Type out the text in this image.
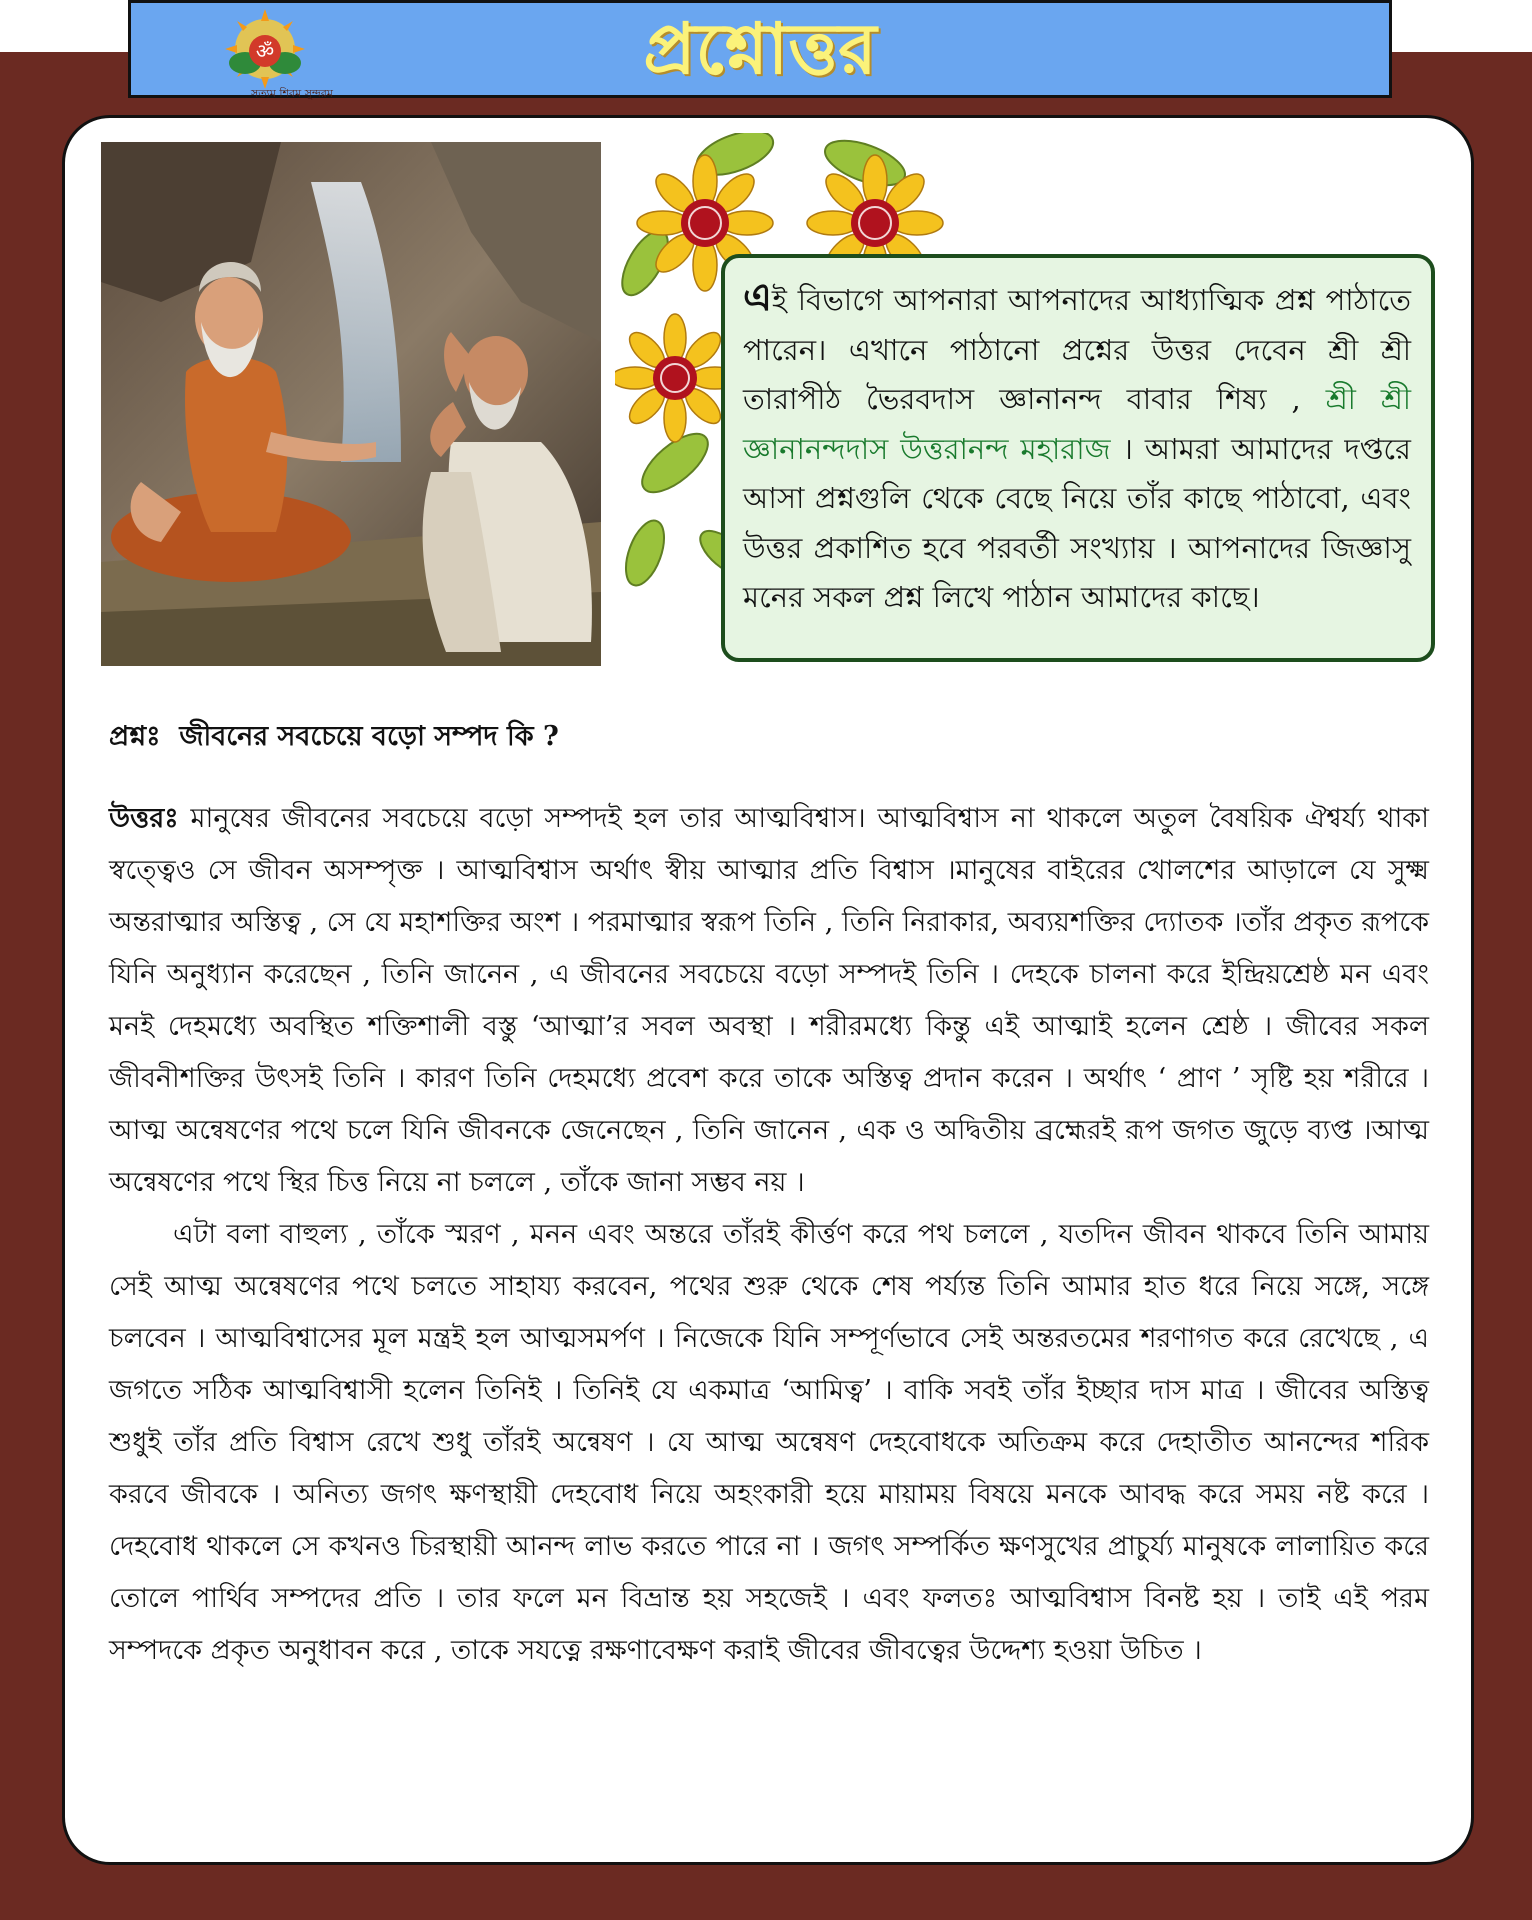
ॐ
সত্যম শিবম সুন্দরম
প্রশ্নোত্তর
এই বিভাগে আপনারা আপনাদের আধ্যাত্মিক প্রশ্ন পাঠাতে পারেন। এখানে পাঠানো প্রশ্নের উত্তর দেবেন শ্রী শ্রী তারাপীঠ ভৈরবদাস জ্ঞানানন্দ বাবার শিষ্য , শ্রী শ্রী জ্ঞানানন্দদাস উত্তরানন্দ মহারাজ । আমরা আমাদের দপ্তরে আসা প্রশ্নগুলি থেকে বেছে নিয়ে তাঁর কাছে পাঠাবো, এবং উত্তর প্রকাশিত হবে পরবর্তী সংখ্যায় । আপনাদের জিজ্ঞাসু মনের সকল প্রশ্ন লিখে পাঠান আমাদের কাছে।
প্রশ্নঃ জীবনের সবচেয়ে বড়ো সম্পদ কি ?

উত্তরঃ মানুষের জীবনের সবচেয়ে বড়ো সম্পদই হল তার আত্মবিশ্বাস। আত্মবিশ্বাস না থাকলে অতুল বৈষয়িক ঐশ্বর্য্য থাকা স্বত্ত্বেও সে জীবন অসম্পৃক্ত । আত্মবিশ্বাস অর্থাৎ স্বীয় আত্মার প্রতি বিশ্বাস ।মানুষের বাইরের খোলশের আড়ালে যে সুক্ষ্ম অন্তরাত্মার অস্তিত্ব , সে যে মহাশক্তির অংশ । পরমাত্মার স্বরূপ তিনি , তিনি নিরাকার, অব্যয়শক্তির দ্যোতক ।তাঁর প্রকৃত রূপকে যিনি অনুধ্যান করেছেন , তিনি জানেন , এ জীবনের সবচেয়ে বড়ো সম্পদই তিনি । দেহকে চালনা করে ইন্দ্রিয়শ্রেষ্ঠ মন এবং মনই দেহমধ্যে অবস্থিত শক্তিশালী বস্তু ‘আত্মা’র সবল অবস্থা । শরীরমধ্যে কিন্তু এই আত্মাই হলেন শ্রেষ্ঠ । জীবের সকল জীবনীশক্তির উৎসই তিনি । কারণ তিনি দেহমধ্যে প্রবেশ করে তাকে অস্তিত্ব প্রদান করেন । অর্থাৎ ‘ প্রাণ ’ সৃষ্টি হয় শরীরে । আত্ম অন্বেষণের পথে চলে যিনি জীবনকে জেনেছেন , তিনি জানেন , এক ও অদ্বিতীয় ব্রহ্মেরই রূপ জগত জুড়ে ব্যপ্ত ।আত্ম অন্বেষণের পথে স্থির চিত্ত নিয়ে না চললে , তাঁকে জানা সম্ভব নয় ।

এটা বলা বাহুল্য , তাঁকে স্মরণ , মনন এবং অন্তরে তাঁরই কীর্ত্তণ করে পথ চললে , যতদিন জীবন থাকবে তিনি আমায় সেই আত্ম অন্বেষণের পথে চলতে সাহায্য করবেন, পথের শুরু থেকে শেষ পর্য্যন্ত তিনি আমার হাত ধরে নিয়ে সঙ্গে, সঙ্গে চলবেন । আত্মবিশ্বাসের মূল মন্ত্রই হল আত্মসমর্পণ । নিজেকে যিনি সম্পূর্ণভাবে সেই অন্তরতমের শরণাগত করে রেখেছে , এ জগতে সঠিক আত্মবিশ্বাসী হলেন তিনিই । তিনিই যে একমাত্র ‘আমিত্ব’ । বাকি সবই তাঁর ইচ্ছার দাস মাত্র । জীবের অস্তিত্ব শুধুই তাঁর প্রতি বিশ্বাস রেখে শুধু তাঁরই অন্বেষণ । যে আত্ম অন্বেষণ দেহবোধকে অতিক্রম করে দেহাতীত আনন্দের শরিক করবে জীবকে । অনিত্য জগৎ ক্ষণস্থায়ী দেহবোধ নিয়ে অহংকারী হয়ে মায়াময় বিষয়ে মনকে আবদ্ধ করে সময় নষ্ট করে । দেহবোধ থাকলে সে কখনও চিরস্থায়ী আনন্দ লাভ করতে পারে না । জগৎ সম্পর্কিত ক্ষণসুখের প্রাচুর্য্য মানুষকে লালায়িত করে তোলে পার্থিব সম্পদের প্রতি । তার ফলে মন বিভ্রান্ত হয় সহজেই । এবং ফলতঃ আত্মবিশ্বাস বিনষ্ট হয় । তাই এই পরম সম্পদকে প্রকৃত অনুধাবন করে , তাকে সযত্নে রক্ষণাবেক্ষণ করাই জীবের জীবত্বের উদ্দেশ্য হওয়া উচিত ।
